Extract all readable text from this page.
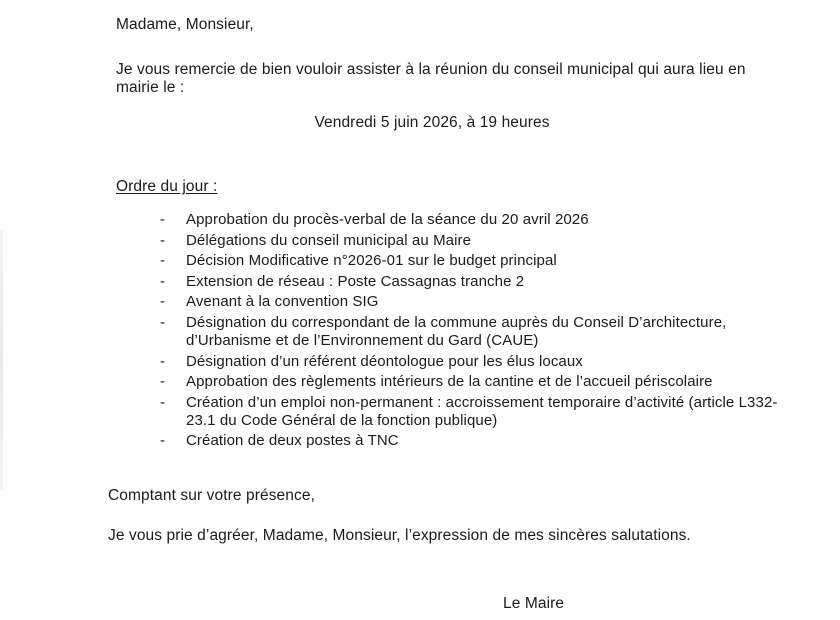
Madame, Monsieur,
Je vous remercie de bien vouloir assister à la réunion du conseil municipal qui aura lieu en
mairie le :
Vendredi 5 juin 2026, à 19 heures
Ordre du jour :
- Approbation du procès-verbal de la séance du 20 avril 2026
- Délégations du conseil municipal au Maire
- Décision Modificative n°2026-01 sur le budget principal
- Extension de réseau : Poste Cassagnas tranche 2
- Avenant à la convention SIG
- Désignation du correspondant de la commune auprès du Conseil D’architecture,
d’Urbanisme et de l’Environnement du Gard (CAUE)
- Désignation d’un référent déontologue pour les élus locaux
- Approbation des règlements intérieurs de la cantine et de l’accueil périscolaire
- Création d’un emploi non-permanent : accroissement temporaire d’activité (article L332-
23.1 du Code Général de la fonction publique)
- Création de deux postes à TNC
Comptant sur votre présence,
Je vous prie d’agréer, Madame, Monsieur, l’expression de mes sincères salutations.
Le Maire
